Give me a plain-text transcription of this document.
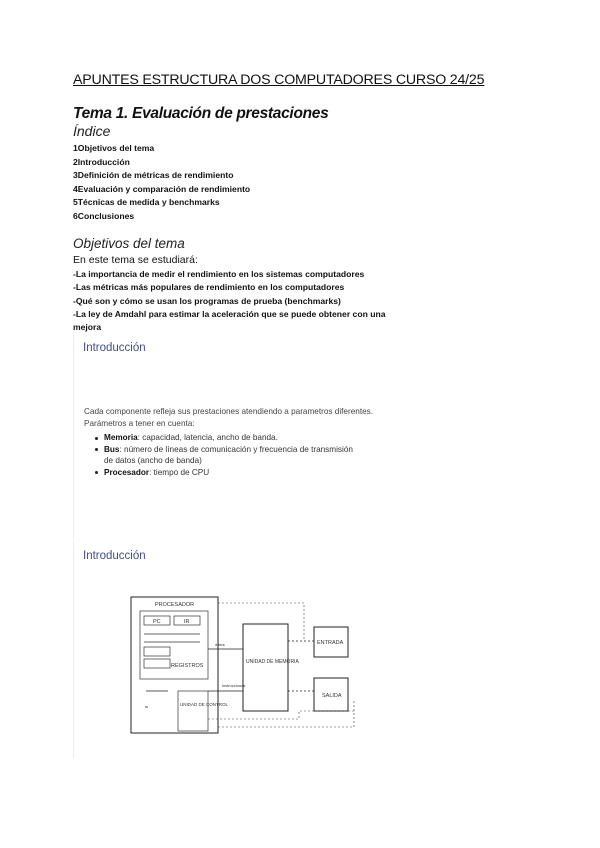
APUNTES ESTRUCTURA DOS COMPUTADORES CURSO 24/25
Tema 1. Evaluación de prestaciones
Índice
1Objetivos del tema
2Introducción
3Definición de métricas de rendimiento
4Evaluación y comparación de rendimiento
5Técnicas de medida y benchmarks
6Conclusiones
Objetivos del tema
En este tema se estudiará:
-La importancia de medir el rendimiento en los sistemas computadores
-Las métricas más populares de rendimiento en los computadores
-Qué son y cómo se usan los programas de prueba (benchmarks)
-La ley de Amdahl para estimar la aceleración que se puede obtener con una mejora
Introducción
Cada componente refleja sus prestaciones atendiendo a parametros diferentes. Parámetros a tener en cuenta:
Memoria: capacidad, latencia, ancho de banda.
Bus: número de líneas de comunicación y frecuencia de transmisión de datos (ancho de banda)
Procesador: tiempo de CPU
Introducción
PROCESADOR
PC	IR
REGISTROS
UNIDAD DE CONTROL
UNIDAD DE MEMORIA
ENTRADA
SALIDA
datos
instrucciones
